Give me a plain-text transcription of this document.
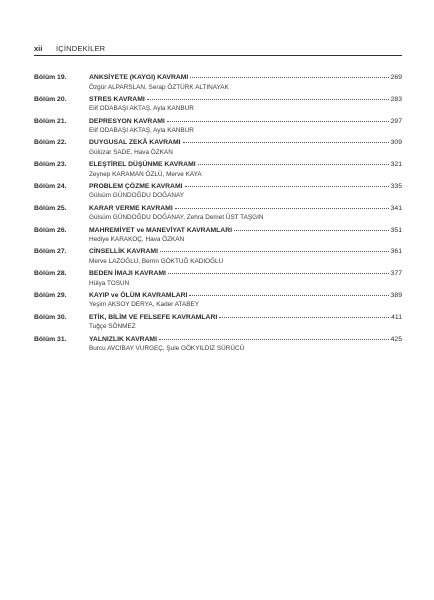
xii İÇİNDEKİLER
Bölüm 19.	ANKSİYETE (KAYGI) KAVRAMI	269
Özgür ALPARSLAN, Serap ÖZTÜRK ALTINAYAK
Bölüm 20.	STRES KAVRAMI	283
Elif ODABAŞI AKTAŞ, Ayla KANBUR
Bölüm 21.	DEPRESYON KAVRAMI	297
Elif ODABAŞI AKTAŞ, Ayla KANBUR
Bölüm 22.	DUYGUSAL ZEKÂ KAVRAMI	309
Gülüzar SADE, Hava ÖZKAN
Bölüm 23.	ELEŞTİREL DÜŞÜNME KAVRAMI	321
Zeynep KARAMAN ÖZLÜ, Merve KAYA
Bölüm 24.	PROBLEM ÇÖZME KAVRAMI	335
Gülsüm GÜNDOĞDU DOĞANAY
Bölüm 25.	KARAR VERME KAVRAMI	341
Gülsüm GÜNDOĞDU DOĞANAY, Zehra Demet ÜST TAŞGIN
Bölüm 26.	MAHREMİYET ve MANEVİYAT KAVRAMLARI	351
Hediye KARAKOÇ, Hava ÖZKAN
Bölüm 27.	CİNSELLİK KAVRAMI	361
Merve LAZOĞLU, Berrin GÖKTUĞ KADIOĞLU
Bölüm 28.	BEDEN İMAJI KAVRAMI	377
Hülya TOSUN
Bölüm 29.	KAYIP ve ÖLÜM KAVRAMLARI	389
Yeşim AKSOY DERYA, Kader ATABEY
Bölüm 30.	ETİK, BİLİM VE FELSEFE KAVRAMLARI	411
Tuğçe SÖNMEZ
Bölüm 31.	YALNIZLIK KAVRAMI	425
Burcu AVCIBAY VURGEÇ, Şule GÖKYILDIZ SÜRÜCÜ
